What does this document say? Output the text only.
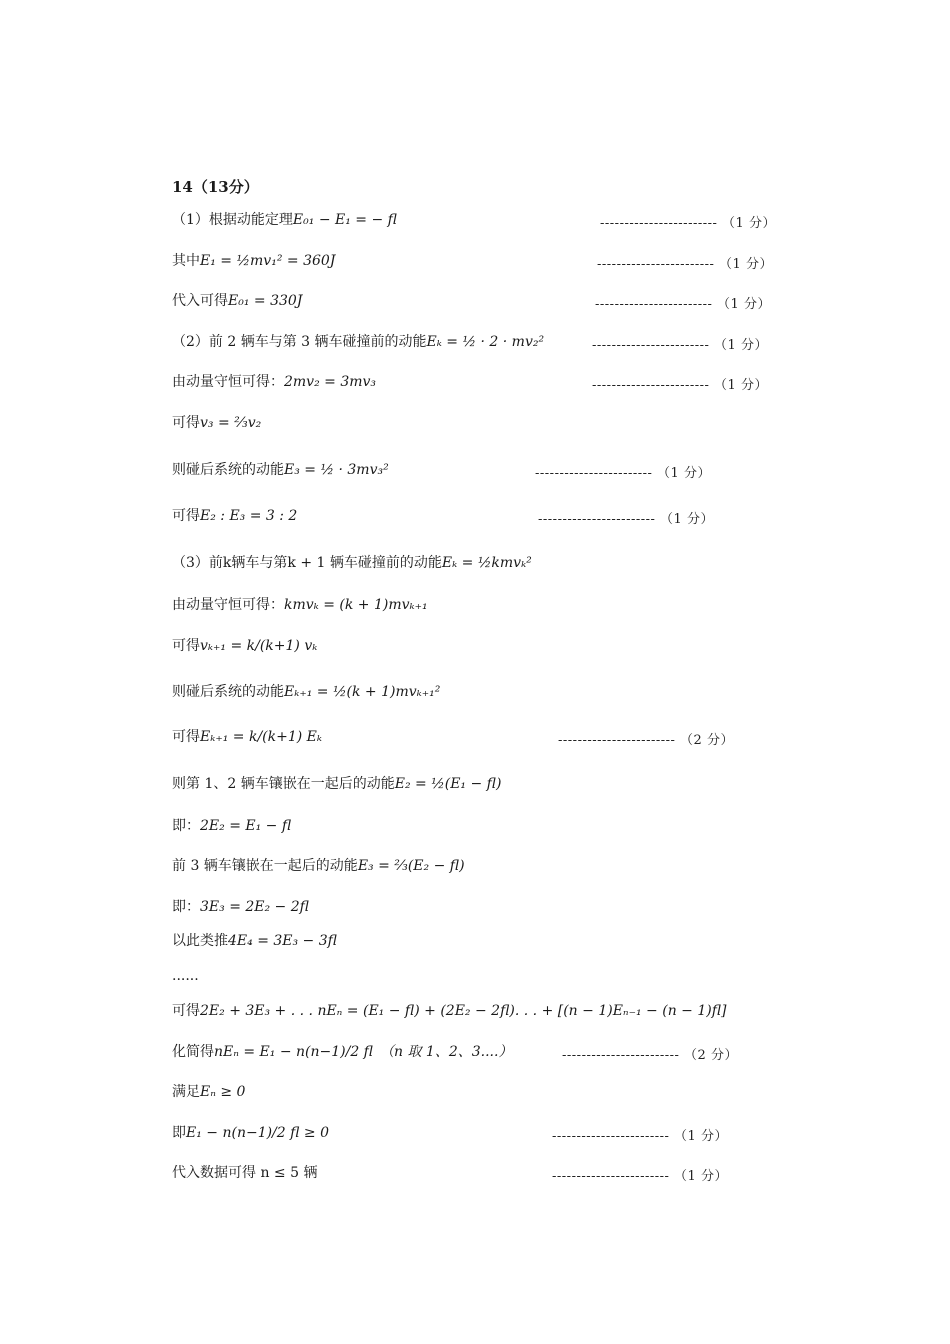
14（13分）
（1）根据动能定理E₀₁ − E₁ = − fl	------------------------ （1 分）
其中E₁ = ½mv₁² = 360J	------------------------ （1 分）
代入可得E₀₁ = 330J	------------------------ （1 分）
（2）前 2 辆车与第 3 辆车碰撞前的动能Eₖ = ½ · 2 · mv₂²	------------------------ （1 分）
由动量守恒可得：2mv₂ = 3mv₃	------------------------ （1 分）
可得v₃ = ⅔v₂
则碰后系统的动能E₃ = ½ · 3mv₃²	------------------------ （1 分）
可得E₂ : E₃ = 3 : 2	------------------------ （1 分）
（3）前k辆车与第k + 1 辆车碰撞前的动能Eₖ = ½kmvₖ²
由动量守恒可得：kmvₖ = (k + 1)mvₖ₊₁
可得vₖ₊₁ = k/(k+1) vₖ
则碰后系统的动能Eₖ₊₁ = ½(k + 1)mvₖ₊₁²
可得Eₖ₊₁ = k/(k+1) Eₖ	------------------------ （2 分）
则第 1、2 辆车镶嵌在一起后的动能E₂ = ½(E₁ − fl)
即：2E₂ = E₁ − fl
前 3 辆车镶嵌在一起后的动能E₃ = ⅔(E₂ − fl)
即：3E₃ = 2E₂ − 2fl
以此类推4E₄ = 3E₃ − 3fl
......
可得2E₂ + 3E₃ + . . . nEₙ = (E₁ − fl) + (2E₂ − 2fl). . . + [(n − 1)Eₙ₋₁ − (n − 1)fl]
化简得nEₙ = E₁ − n(n−1)/2 fl　（n 取 1、2、3....）	------------------------ （2 分）
满足Eₙ ≥ 0
即E₁ − n(n−1)/2 fl ≥ 0	------------------------ （1 分）
代入数据可得 n ≤ 5 辆	------------------------ （1 分）
